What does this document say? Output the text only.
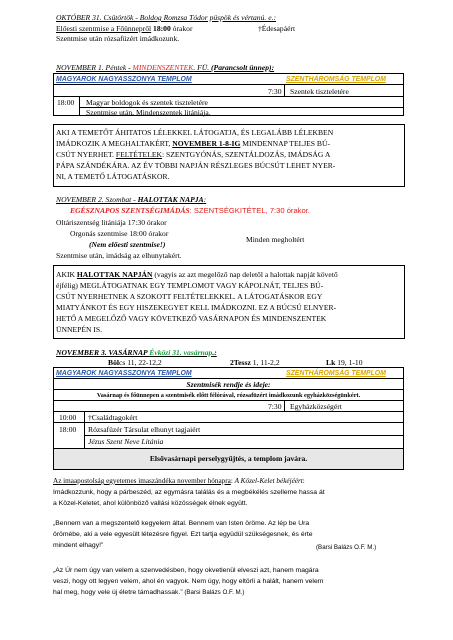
OKTÓBER 31. Csütörtök - Boldog Romzsa Tódor püspök és vértanú. e.:
Előesti szentmise a Főünnepről 18:00 órakor	†Édesapáért
Szentmise után rózsafüzért imádkozunk.
NOVEMBER 1. Péntek - MINDENSZENTEK. FÜ. (Parancsolt ünnep):
MAGYAROK NAGYASSZONYA TEMPLOM	SZENTHÁROMSÁG TEMPLOM
7:30 Szentek tiszteletére
18:00 Magyar boldogok és szentek tiszteletére
Szentmise után, Mindenszentek litániája.
AKI A TEMETŐT ÁHITATOS LÉLEKKEL LÁTOGATJA, ÉS LEGALÁBB LÉLEKBEN
IMÁDKOZIK A MEGHALTAKÉRT, NOVEMBER 1-8-IG MINDENNAP TELJES BÚ-
CSÚT NYERHET. FELTÉTELEK: SZENTGYÓNÁS, SZENTÁLDOZÁS, IMÁDSÁG A
PÁPA SZÁNDÉKÁRA. AZ ÉV TÖBBI NAPJÁN RÉSZLEGES BÚCSÚT LEHET NYER-
NI, A TEMETŐ LÁTOGATÁSKOR.
NOVEMBER 2. Szombat - HALOTTAK NAPJA:
EGÉSZNAPOS SZENTSÉGIMÁDÁS: SZENTSÉGKITÉTEL, 7:30 órakor.
Oltáriszentség litániája 17:30 órakor
Orgonás szentmise 18:00 órakor
(Nem előesti szentmise!)
Minden megholtért
Szentmise után, imádság az elhunytakért.
AKIK HALOTTAK NAPJÁN (vagyis az azt megelőző nap deletől a halottak napját követő
éjfélig) MEGLÁTOGATNAK EGY TEMPLOMOT VAGY KÁPOLNÁT, TELJES BÚ-
CSÚT NYERHETNEK A SZOKOTT FELTÉTELEKKEL. A LÁTOGATÁSKOR EGY
MIATYÁNKOT ÉS EGY HISZEKEGYET KELL IMÁDKOZNI. EZ A BÚCSÚ ELNYER-
HETŐ A MEGELŐZŐ VAGY KÖVETKEZŐ VASÁRNAPON ÉS MINDENSZENTEK
ÜNNEPÉN IS.
NOVEMBER 3. VASÁRNAP Évközi 31. vasárnap.:
Bölcs 11, 22-12,2	2Tessz 1, 11-2,2	Lk 19, 1-10
MAGYAROK NAGYASSZONYA TEMPLOM	SZENTHÁROMSÁG TEMPLOM
Szentmisék rendje és ideje:
Vasárnap és főünnepen a szentmisék előtt félórával, rózsafüzért imádkozunk egyházközségünkért.
7:30 Egyházközségért
10:00 †Családtagokért
18:00 Rózsafüzér Társulat elhunyt tagjaiért
Jézus Szent Neve Litánia
Elsővasárnapi perselygyűjtés, a templom javára.
Az imaapostolság egyetemes imaszándéka november hónapra: A Közel-Kelet békéjéért:
Imádkozzunk, hogy a párbeszéd, az egymásra találás és a megbékélés szelleme hassa át
a Közel-Keletet, ahol különböző vallási közösségek élnek együtt.
„Bennem van a megszentelő kegyelem által. Bennem van Isten öröme. Az lép be Ura
örömébe, aki a vele egyesült létezésre figyel. Ezt tartja együdül szükségesnek, és érte
mindent elhagy!”	(Barsi Balázs O.F. M.)
„Az Úr nem úgy van velem a szenvedésben, hogy okvetlenül elveszi azt, hanem magára
veszi, hogy ott legyen velem, ahol én vagyok. Nem úgy, hogy eltörli a halált, hanem velem
hal meg, hogy vele új életre támadhassak.” (Barsi Balázs O.F. M.)
